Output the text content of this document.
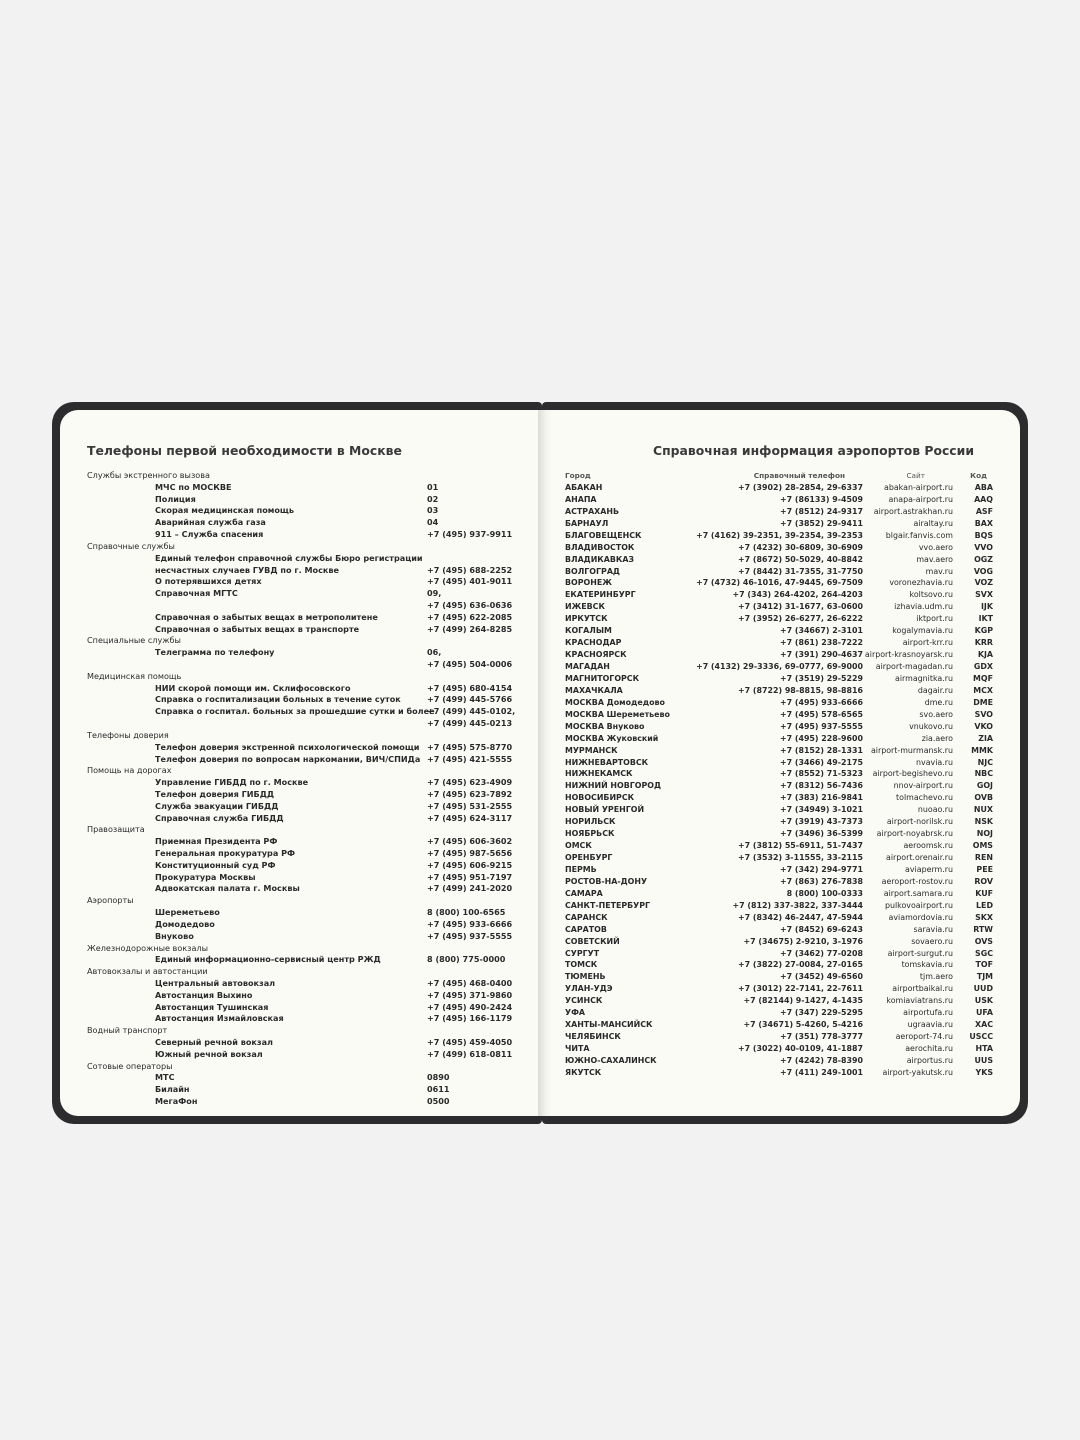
Телефоны первой необходимости в Москве
Службы экстренного вызова
МЧС по МОСКВЕ	01
Полиция	02
Скорая медицинская помощь	03
Аварийная служба газа	04
911 – Служба спасения	+7 (495) 937-9911
Справочные службы
Единый телефон справочной службы Бюро регистрации
несчастных случаев ГУВД по г. Москве	+7 (495) 688-2252
О потерявшихся детях	+7 (495) 401-9011
Справочная МГТС	09,
+7 (495) 636-0636
Справочная о забытых вещах в метрополитене	+7 (495) 622-2085
Справочная о забытых вещах в транспорте	+7 (499) 264-8285
Специальные службы
Телеграмма по телефону	06,
+7 (495) 504-0006
Медицинская помощь
НИИ скорой помощи им. Склифосовского	+7 (495) 680-4154
Справка о госпитализации больных в течение суток	+7 (499) 445-5766
Справка о госпитал. больных за прошедшие сутки и более
+7 (499) 445-0102,
+7 (499) 445-0213
Телефоны доверия
Телефон доверия экстренной психологической помощи +7 (495) 575-8770
Телефон доверия по вопросам наркомании, ВИЧ/СПИДа +7 (495) 421-5555
Помощь на дорогах
Управление ГИБДД по г. Москве	+7 (495) 623-4909
Телефон доверия ГИБДД	+7 (495) 623-7892
Служба эвакуации ГИБДД	+7 (495) 531-2555
Справочная служба ГИБДД	+7 (495) 624-3117
Правозащита
Приемная Президента РФ	+7 (495) 606-3602
Генеральная прокуратура РФ	+7 (495) 987-5656
Конституционный суд РФ	+7 (495) 606-9215
Прокуратура Москвы	+7 (495) 951-7197
Адвокатская палата г. Москвы	+7 (499) 241-2020
Аэропорты
Шереметьево	8 (800) 100-6565
Домодедово	+7 (495) 933-6666
Внуково	+7 (495) 937-5555
Железнодорожные вокзалы
Единый информационно-сервисный центр РЖД	8 (800) 775-0000
Автовокзалы и автостанции
Центральный автовокзал	+7 (495) 468-0400
Автостанция Выхино	+7 (495) 371-9860
Автостанция Тушинская	+7 (495) 490-2424
Автостанция Измайловская	+7 (495) 166-1179
Водный транспорт
Северный речной вокзал	+7 (495) 459-4050
Южный речной вокзал	+7 (499) 618-0811
Сотовые операторы
МТС	0890
Билайн	0611
МегаФон	0500
Справочная информация аэропортов России
Город	Справочный телефон	Сайт	Код
АБАКАН	+7 (3902) 28-2854, 29-6337	abakan-airport.ru	ABA
АНАПА	+7 (86133) 9-4509	anapa-airport.ru	AAQ
АСТРАХАНЬ	+7 (8512) 24-9317 airport.astrakhan.ru	ASF
БАРНАУЛ	+7 (3852) 29-9411	airaltay.ru	BAX
БЛАГОВЕЩЕНСК	+7 (4162) 39-2351, 39-2354, 39-2353	blgair.fanvis.com	BQS
ВЛАДИВОСТОК	+7 (4232) 30-6809, 30-6909	vvo.aero	VVO
ВЛАДИКАВКАЗ	+7 (8672) 50-5029, 40-8842	mav.aero	OGZ
ВОЛГОГРАД	+7 (8442) 31-7355, 31-7750	mav.ru	VOG
ВОРОНЕЖ	+7 (4732) 46-1016, 47-9445, 69-7509	voronezhavia.ru	VOZ
ЕКАТЕРИНБУРГ	+7 (343) 264-4202, 264-4203	koltsovo.ru	SVX
ИЖЕВСК	+7 (3412) 31-1677, 63-0600	izhavia.udm.ru	IJK
ИРКУТСК	+7 (3952) 26-6277, 26-6222	iktport.ru	IKT
КОГАЛЫМ	+7 (34667) 2-3101	kogalymavia.ru	KGP
КРАСНОДАР	+7 (861) 238-7222	airport-krr.ru	KRR
КРАСНОЯРСК	+7 (391) 290-4637 airport-krasnoyarsk.ru	KJA
МАГАДАН	+7 (4132) 29-3336, 69-0777, 69-9000 airport-magadan.ru	GDX
МАГНИТОГОРСК	+7 (3519) 29-5229	airmagnitka.ru	MQF
МАХАЧКАЛА	+7 (8722) 98-8815, 98-8816	dagair.ru	MCX
МОСКВА Домодедово	+7 (495) 933-6666	dme.ru	DME
МОСКВА Шереметьево	+7 (495) 578-6565	svo.aero	SVO
МОСКВА Внуково	+7 (495) 937-5555	vnukovo.ru	VKO
МОСКВА Жуковский	+7 (495) 228-9600	zia.aero	ZIA
МУРМАНСК	+7 (8152) 28-1331 airport-murmansk.ru MMK
НИЖНЕВАРТОВСК	+7 (3466) 49-2175	nvavia.ru	NJC
НИЖНЕКАМСК	+7 (8552) 71-5323 airport-begishevo.ru	NBC
НИЖНИЙ НОВГОРОД	+7 (8312) 56-7436	nnov-airport.ru	GOJ
НОВОСИБИРСК	+7 (383) 216-9841	tolmachevo.ru	OVB
НОВЫЙ УРЕНГОЙ	+7 (34949) 3-1021	nuoao.ru	NUX
НОРИЛЬСК	+7 (3919) 43-7373	airport-norilsk.ru	NSK
НОЯБРЬСК	+7 (3496) 36-5399 airport-noyabrsk.ru	NOJ
ОМСК	+7 (3812) 55-6911, 51-7437	aeroomsk.ru	OMS
ОРЕНБУРГ	+7 (3532) 3-11555, 33-2115	airport.orenair.ru	REN
ПЕРМЬ	+7 (342) 294-9771	aviaperm.ru	PEE
РОСТОВ-НА-ДОНУ	+7 (863) 276-7838 aeroport-rostov.ru	ROV
САМАРА	8 (800) 100-0333	airport.samara.ru	KUF
САНКТ-ПЕТЕРБУРГ	+7 (812) 337-3822, 337-3444	pulkovoairport.ru	LED
САРАНСК	+7 (8342) 46-2447, 47-5944	aviamordovia.ru	SKX
САРАТОВ	+7 (8452) 69-6243	saravia.ru	RTW
СОВЕТСКИЙ	+7 (34675) 2-9210, 3-1976	sovaero.ru	OVS
СУРГУТ	+7 (3462) 77-0208	airport-surgut.ru	SGC
ТОМСК	+7 (3822) 27-0084, 27-0165	tomskavia.ru	TOF
ТЮМЕНЬ	+7 (3452) 49-6560	tjm.aero	TJM
УЛАН-УДЭ	+7 (3012) 22-7141, 22-7611	airportbaikal.ru	UUD
УСИНСК	+7 (82144) 9-1427, 4-1435	komiaviatrans.ru	USK
УФА	+7 (347) 229-5295	airportufa.ru	UFA
ХАНТЫ-МАНСИЙСК	+7 (34671) 5-4260, 5-4216	ugraavia.ru	XAC
ЧЕЛЯБИНСК	+7 (351) 778-3777	aeroport-74.ru USCC
ЧИТА	+7 (3022) 40-0109, 41-1887	aerochita.ru	HTA
ЮЖНО-САХАЛИНСК	+7 (4242) 78-8390	airportus.ru	UUS
ЯКУТСК	+7 (411) 249-1001 airport-yakutsk.ru	YKS
